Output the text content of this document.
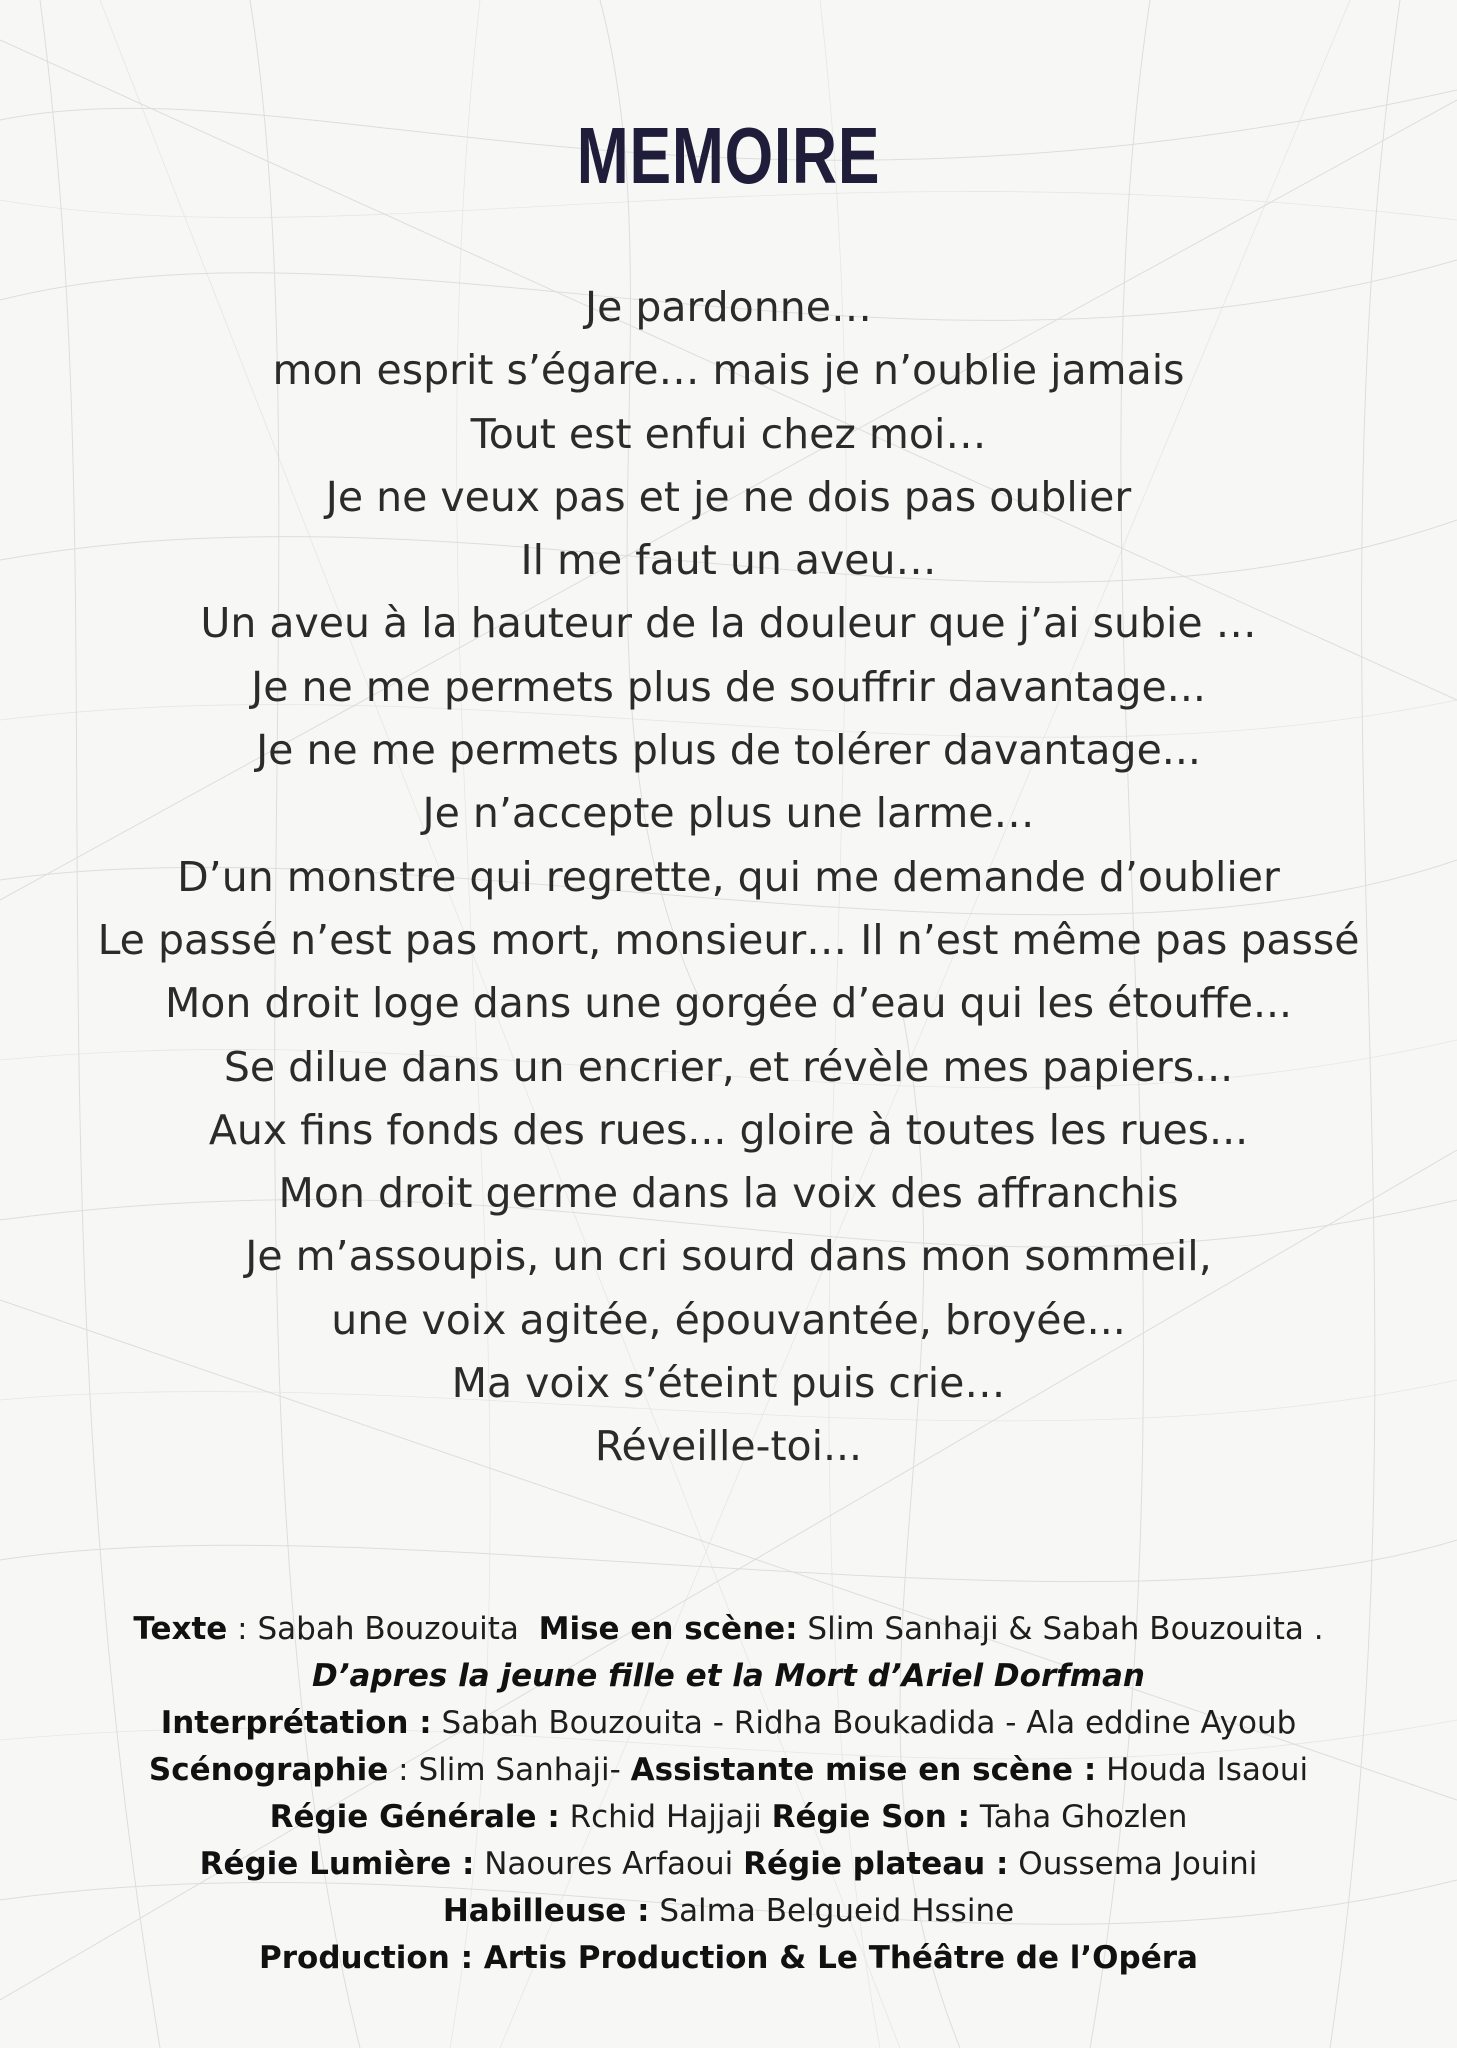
MEMOIRE
Je pardonne…
mon esprit s’égare… mais je n’oublie jamais
Tout est enfui chez moi…
Je ne veux pas et je ne dois pas oublier
Il me faut un aveu…
Un aveu à la hauteur de la douleur que j’ai subie …
Je ne me permets plus de souffrir davantage...
Je ne me permets plus de tolérer davantage...
Je n’accepte plus une larme…
D’un monstre qui regrette, qui me demande d’oublier
Le passé n’est pas mort, monsieur… Il n’est même pas passé
Mon droit loge dans une gorgée d’eau qui les étouffe...
Se dilue dans un encrier, et révèle mes papiers...
Aux fins fonds des rues... gloire à toutes les rues...
Mon droit germe dans la voix des affranchis
Je m’assoupis, un cri sourd dans mon sommeil,
une voix agitée, épouvantée, broyée...
Ma voix s’éteint puis crie…
Réveille-toi...
Texte : Sabah Bouzouita Mise en scène: Slim Sanhaji & Sabah Bouzouita .
D’apres la jeune fille et la Mort d’Ariel Dorfman
Interprétation : Sabah Bouzouita - Ridha Boukadida - Ala eddine Ayoub
Scénographie : Slim Sanhaji- Assistante mise en scène : Houda Isaoui
Régie Générale : Rchid Hajjaji Régie Son : Taha Ghozlen
Régie Lumière : Naoures Arfaoui Régie plateau : Oussema Jouini
Habilleuse : Salma Belgueid Hssine
Production : Artis Production & Le Théâtre de l’Opéra
